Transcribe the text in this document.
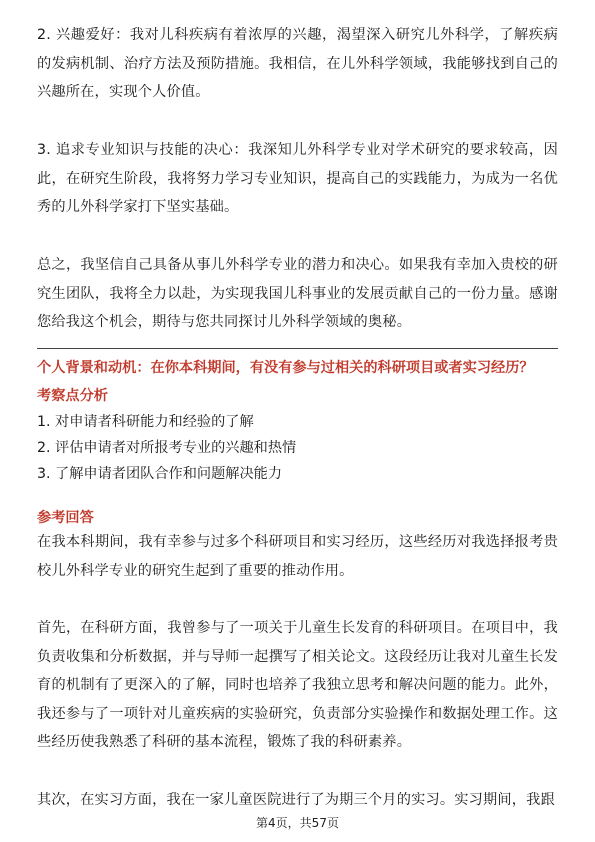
2. 兴趣爱好：我对儿科疾病有着浓厚的兴趣，渴望深入研究儿外科学，了解疾病的发病机制、治疗方法及预防措施。我相信，在儿外科学领域，我能够找到自己的兴趣所在，实现个人价值。

3. 追求专业知识与技能的决心：我深知儿外科学专业对学术研究的要求较高，因此，在研究生阶段，我将努力学习专业知识，提高自己的实践能力，为成为一名优秀的儿外科学家打下坚实基础。

总之，我坚信自己具备从事儿外科学专业的潜力和决心。如果我有幸加入贵校的研究生团队，我将全力以赴，为实现我国儿科事业的发展贡献自己的一份力量。感谢您给我这个机会，期待与您共同探讨儿外科学领域的奥秘。

个人背景和动机：在你本科期间，有没有参与过相关的科研项目或者实习经历？
考察点分析
1. 对申请者科研能力和经验的了解
2. 评估申请者对所报考专业的兴趣和热情
3. 了解申请者团队合作和问题解决能力
参考回答

在我本科期间，我有幸参与过多个科研项目和实习经历，这些经历对我选择报考贵校儿外科学专业的研究生起到了重要的推动作用。

首先，在科研方面，我曾参与了一项关于儿童生长发育的科研项目。在项目中，我负责收集和分析数据，并与导师一起撰写了相关论文。这段经历让我对儿童生长发育的机制有了更深入的了解，同时也培养了我独立思考和解决问题的能力。此外，我还参与了一项针对儿童疾病的实验研究，负责部分实验操作和数据处理工作。这些经历使我熟悉了科研的基本流程，锻炼了我的科研素养。

其次，在实习方面，我在一家儿童医院进行了为期三个月的实习。实习期间，我跟

第4页，共57页
